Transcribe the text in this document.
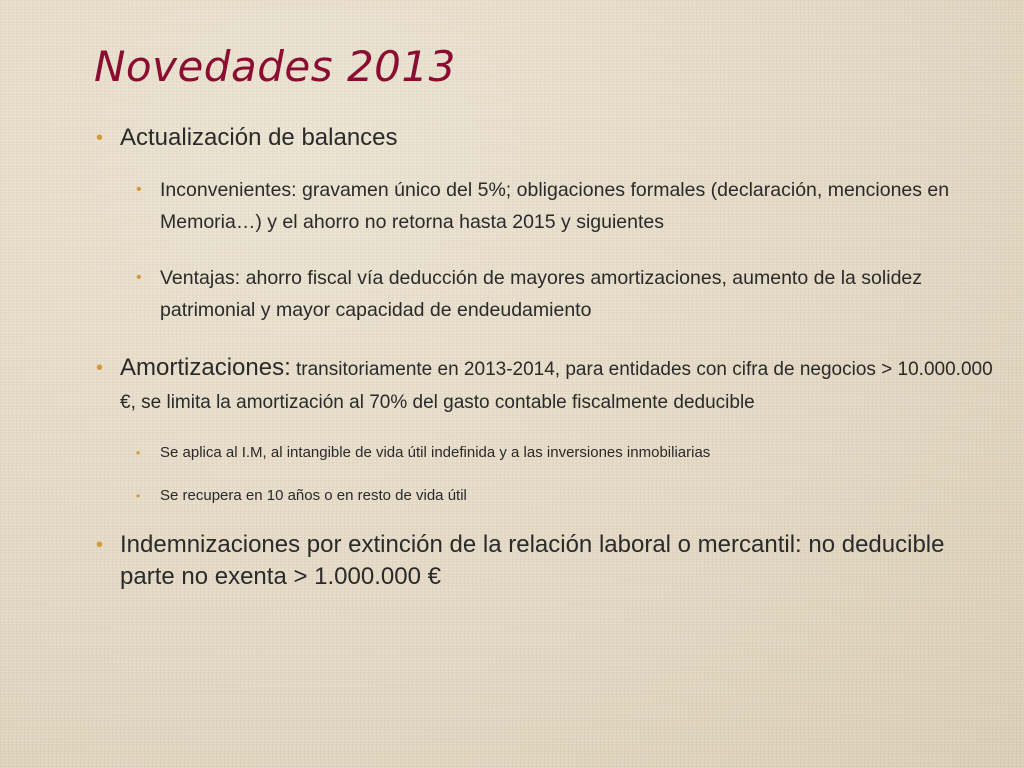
Novedades 2013
• Actualización de balances
• Inconvenientes: gravamen único del 5%; obligaciones formales (declaración, menciones en Memoria…) y el ahorro no retorna hasta 2015 y siguientes
• Ventajas: ahorro fiscal vía deducción de mayores amortizaciones, aumento de la solidez patrimonial y mayor capacidad de endeudamiento
• Amortizaciones: transitoriamente en 2013-2014, para entidades con cifra de negocios > 10.000.000 €, se limita la amortización al 70% del gasto contable fiscalmente deducible
• Se aplica al I.M, al intangible de vida útil indefinida y a las inversiones inmobiliarias
• Se recupera en 10 años o en resto de vida útil
• Indemnizaciones por extinción de la relación laboral o mercantil: no deducible parte no exenta > 1.000.000 €
